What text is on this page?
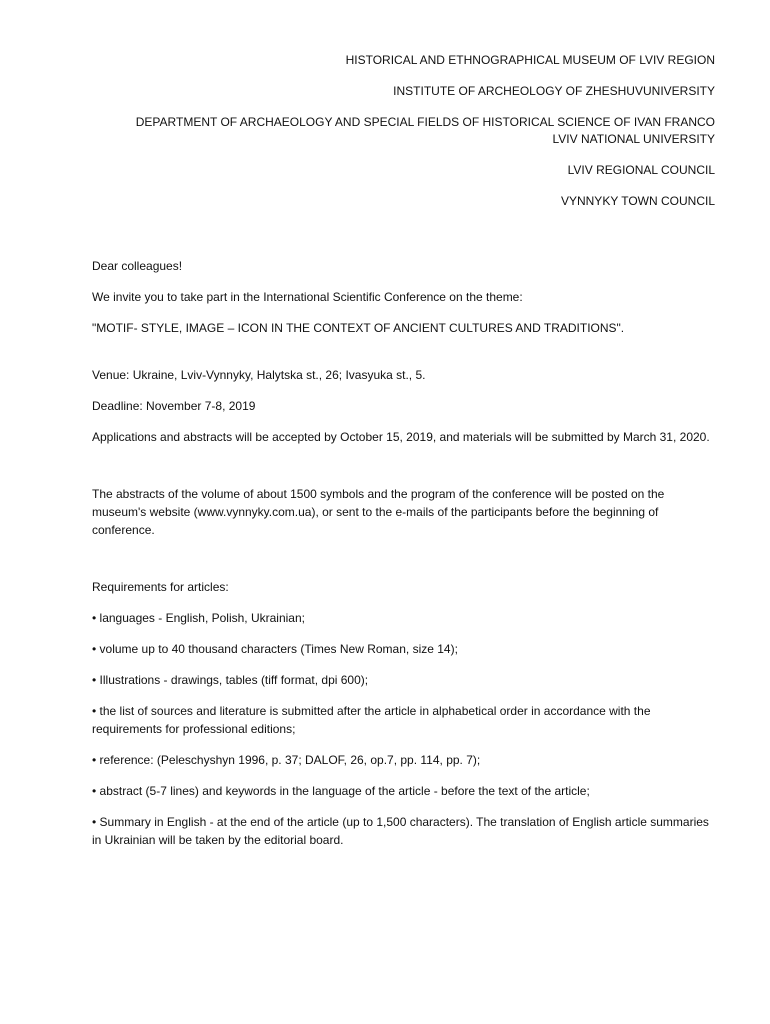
HISTORICAL AND ETHNOGRAPHICAL MUSEUM OF LVIV REGION

INSTITUTE OF ARCHEOLOGY OF ZHESHUVUNIVERSITY

DEPARTMENT OF ARCHAEOLOGY AND SPECIAL FIELDS OF HISTORICAL SCIENCE OF IVAN FRANCO LVIV NATIONAL UNIVERSITY

LVIV REGIONAL COUNCIL

VYNNYKY TOWN COUNCIL

Dear colleagues!

We invite you to take part in the International Scientific Conference on the theme:

"MOTIF- STYLE, IMAGE – ICON IN THE CONTEXT OF ANCIENT CULTURES AND TRADITIONS".

Venue: Ukraine, Lviv-Vynnyky, Halytska st., 26; Ivasyuka st., 5.

Deadline: November 7-8, 2019

Applications and abstracts will be accepted by October 15, 2019, and materials will be submitted by March 31, 2020.

The abstracts of the volume of about 1500 symbols and the program of the conference will be posted on the museum's website (www.vynnyky.com.ua), or sent to the e-mails of the participants before the beginning of conference.

Requirements for articles:

• languages - English, Polish, Ukrainian;

• volume up to 40 thousand characters (Times New Roman, size 14);

• Illustrations - drawings, tables (tiff format, dpi 600);

• the list of sources and literature is submitted after the article in alphabetical order in accordance with the requirements for professional editions;

• reference: (Peleschyshyn 1996, p. 37; DALOF, 26, op.7, pp. 114, pp. 7);

• abstract (5-7 lines) and keywords in the language of the article - before the text of the article;

• Summary in English - at the end of the article (up to 1,500 characters). The translation of English article summaries in Ukrainian will be taken by the editorial board.
